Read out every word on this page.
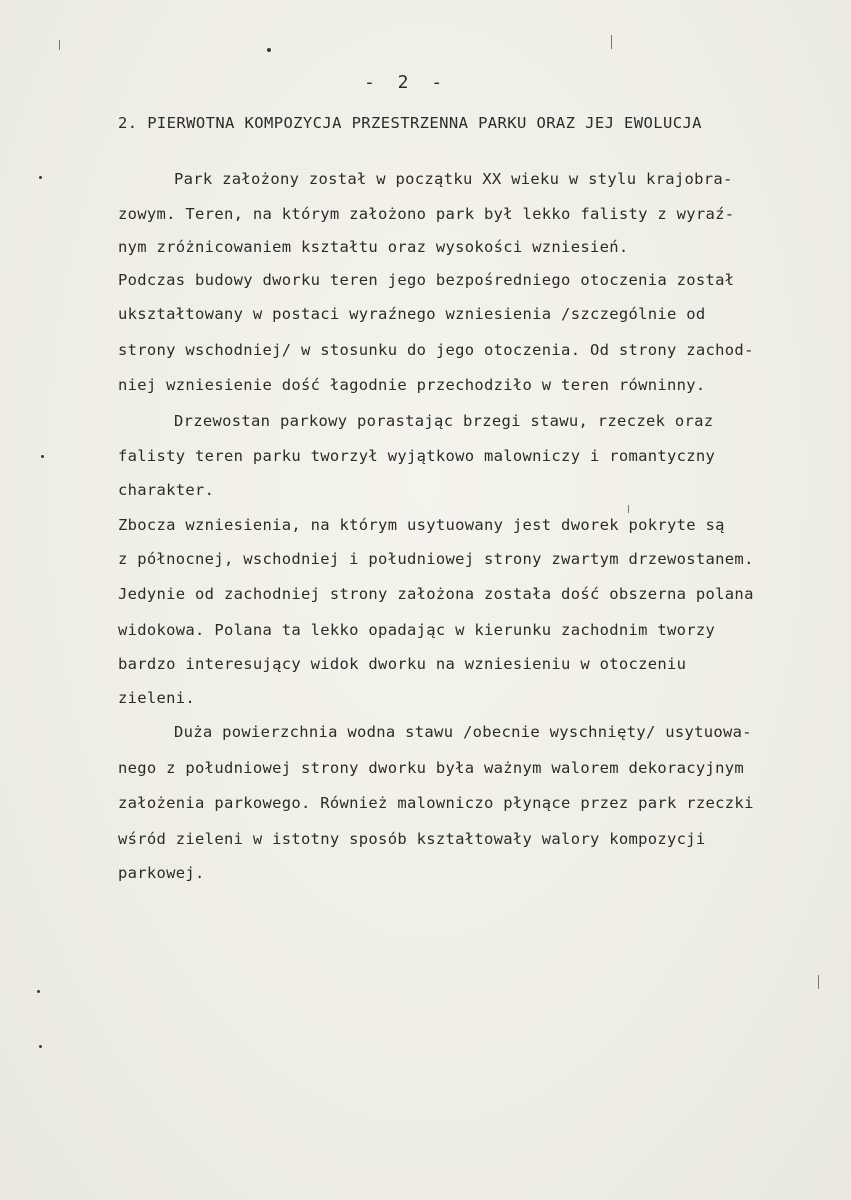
- 2 -

2. PIERWOTNA KOMPOZYCJA PRZESTRZENNA PARKU ORAZ JEJ EWOLUCJA

Park założony został w początku XX wieku w stylu krajobra-

zowym. Teren, na którym założono park był lekko falisty z wyraź-

nym zróżnicowaniem kształtu oraz wysokości wzniesień.

Podczas budowy dworku teren jego bezpośredniego otoczenia został

ukształtowany w postaci wyraźnego wzniesienia /szczególnie od

strony wschodniej/ w stosunku do jego otoczenia. Od strony zachod-

niej wzniesienie dość łagodnie przechodziło w teren równinny.

Drzewostan parkowy porastając brzegi stawu, rzeczek oraz

falisty teren parku tworzył wyjątkowo malowniczy i romantyczny

charakter.

Zbocza wzniesienia, na którym usytuowany jest dworek pokryte są

z północnej, wschodniej i południowej strony zwartym drzewostanem.

Jedynie od zachodniej strony założona została dość obszerna polana

widokowa. Polana ta lekko opadając w kierunku zachodnim tworzy

bardzo interesujący widok dworku na wzniesieniu w otoczeniu

zieleni.

Duża powierzchnia wodna stawu /obecnie wyschnięty/ usytuowa-

nego z południowej strony dworku była ważnym walorem dekoracyjnym

założenia parkowego. Również malowniczo płynące przez park rzeczki

wśród zieleni w istotny sposób kształtowały walory kompozycji

parkowej.
